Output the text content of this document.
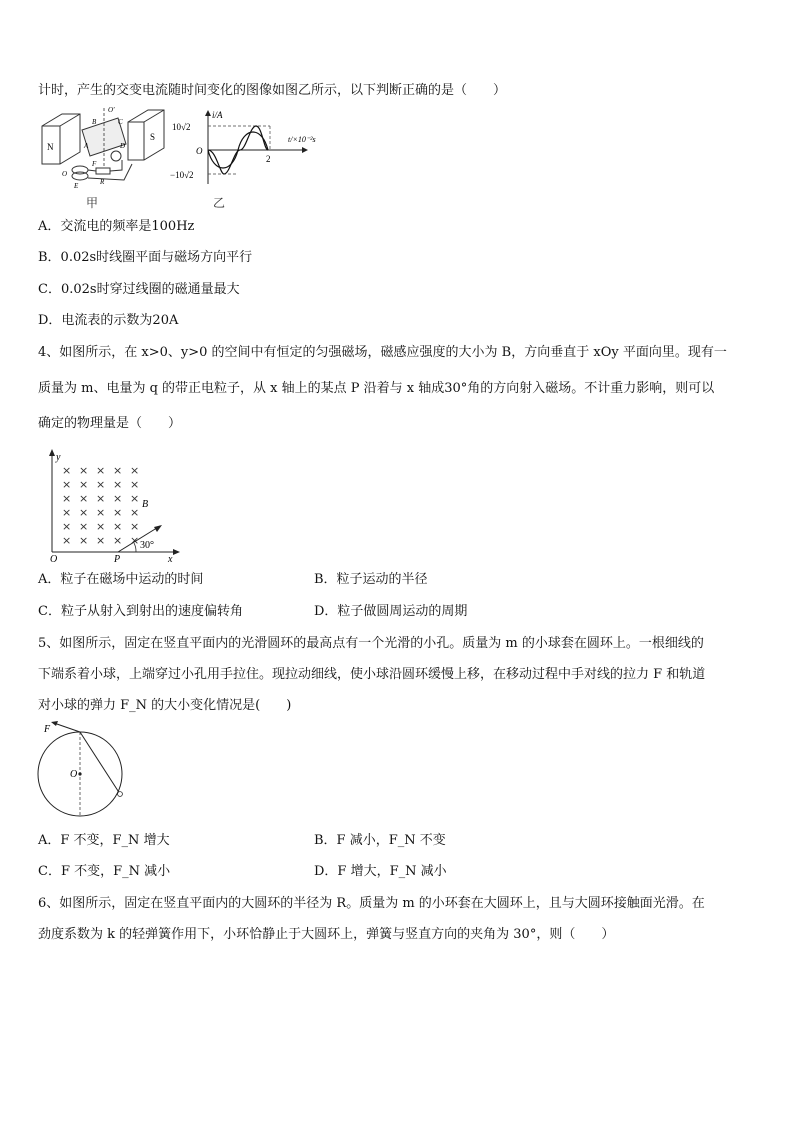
计时，产生的交变电流随时间变化的图像如图乙所示，以下判断正确的是（　　）
N
S
A
B	C
D
E
F
R
O
O′
甲
10√2
−10√2
O
i/A
t/×10⁻²s
2
乙
A．交流电的频率是100Hz
B．0.02s时线圈平面与磁场方向平行
C．0.02s时穿过线圈的磁通量最大
D．电流表的示数为20A
4、如图所示，在 x>0、y>0 的空间中有恒定的匀强磁场，磁感应强度的大小为 B，方向垂直于 xOy 平面向里。现有一
质量为 m、电量为 q 的带正电粒子，从 x 轴上的某点 P 沿着与 x 轴成30°角的方向射入磁场。不计重力影响，则可以
确定的物理量是（　　）
× × × × ×
× × × × ×
× × × × ×
× × × × ×
× × × × ×
× × × × ×
y
x
O	P
B
30°
A．粒子在磁场中运动的时间	B．粒子运动的半径
C．粒子从射入到射出的速度偏转角	D．粒子做圆周运动的周期
5、如图所示，固定在竖直平面内的光滑圆环的最高点有一个光滑的小孔。质量为 m 的小球套在圆环上。一根细线的
下端系着小球，上端穿过小孔用手拉住。现拉动细线，使小球沿圆环缓慢上移，在移动过程中手对线的拉力 F 和轨道
对小球的弹力 F_N 的大小变化情况是(　　)
F
O
A．F 不变，F_N 增大	B．F 减小，F_N 不变
C．F 不变，F_N 减小	D．F 增大，F_N 减小
6、如图所示，固定在竖直平面内的大圆环的半径为 R。质量为 m 的小环套在大圆环上，且与大圆环接触面光滑。在
劲度系数为 k 的轻弹簧作用下，小环恰静止于大圆环上，弹簧与竖直方向的夹角为 30°，则（　　）
